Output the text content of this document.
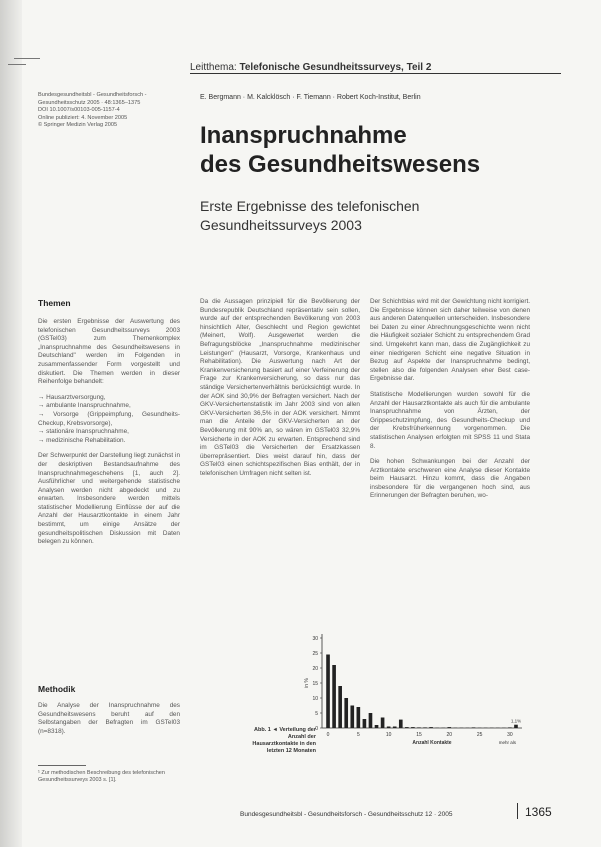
Leitthema: Telefonische Gesundheitssurveys, Teil 2
Bundesgesundheitsbl - Gesundheitsforsch -
Gesundheitsschutz 2005 · 48:1365–1375
DOI 10.1007/s00103-005-1157-4
Online publiziert: 4. November 2005
© Springer Medizin Verlag 2005
E. Bergmann · M. Kalcklösch · F. Tiemann · Robert Koch-Institut, Berlin
Inanspruchnahme
des Gesundheitswesens
Erste Ergebnisse des telefonischen
Gesundheitssurveys 2003
Themen

Die ersten Ergebnisse der Auswertung des telefonischen Gesundheitssurveys 2003 (GSTel03) zum Themenkomplex „Inanspruchnahme des Gesundheitswesens in Deutschland" werden im Folgenden in zusammenfassender Form vorgestellt und diskutiert. Die Themen werden in dieser Reihenfolge behandelt:

→ Hausarztversorgung,
→ ambulante Inanspruchnahme,
→ Vorsorge (Grippeimpfung, Gesundheits-Checkup, Krebsvorsorge),
→ stationäre Inanspruchnahme,
→ medizinische Rehabilitation.

Der Schwerpunkt der Darstellung liegt zunächst in der deskriptiven Bestandsaufnahme des Inanspruchnahmegeschehens [1, auch 2]. Ausführlicher und weitergehende statistische Analysen werden nicht abgedeckt und zu erwarten. Insbesondere werden mittels statistischer Modellierung Einflüsse der auf die Anzahl der Hausarztkontakte in einem Jahr bestimmt, um einige Ansätze der gesundheitspolitischen Diskussion mit Daten belegen zu können.

Methodik

Die Analyse der Inanspruchnahme des Gesundheitswesens beruht auf den Selbstangaben der Befragten im GSTel03 (n=8318).

¹ Zur methodischen Beschreibung des telefonischen Gesundheitssurveys 2003 s. [1].

Da die Aussagen prinzipiell für die Bevölkerung der Bundesrepublik Deutschland repräsentativ sein sollen, wurde auf der entsprechenden Bevölkerung von 2003 hinsichtlich Alter, Geschlecht und Region gewichtet (Meinert, Wolf). Ausgewertet werden die Befragungsblöcke „Inanspruchnahme medizinischer Leistungen" (Hausarzt, Vorsorge, Krankenhaus und Rehabilitation). Die Auswertung nach Art der Krankenversicherung basiert auf einer Verfeinerung der Frage zur Krankenversicherung, so dass nur das ständige Versichertenverhältnis berücksichtigt wurde. In der AOK sind 30,9% der Befragten versichert. Nach der GKV-Versichertenstatistik im Jahr 2003 sind von allen GKV-Versicherten 36,5% in der AOK versichert. Nimmt man die Anteile der GKV-Versicherten an der Bevölkerung mit 90% an, so wären im GSTel03 32,9% Versicherte in der AOK zu erwarten. Entsprechend sind im GSTel03 die Versicherten der Ersatzkassen überrepräsentiert. Dies weist darauf hin, dass der GSTel03 einen schichtspezifischen Bias enthält, der in telefonischen Umfragen nicht selten ist.

Der Schichtbias wird mit der Gewichtung nicht korrigiert. Die Ergebnisse können sich daher teilweise von denen aus anderen Datenquellen unterscheiden. Insbesondere bei Daten zu einer Abrechnungsgeschichte wenn nicht die Häufigkeit sozialer Schicht zu entsprechendem Grad sind. Umgekehrt kann man, dass die Zugänglichkeit zu einer niedrigeren Schicht eine negative Situation in Bezug auf Aspekte der Inanspruchnahme bedingt, stellen also die folgenden Analysen eher Best case-Ergebnisse dar.

Statistische Modellierungen wurden sowohl für die Anzahl der Hausarztkontakte als auch für die ambulante Inanspruchnahme von Ärzten, der Grippeschutzimpfung, des Gesundheits-Checkup und der Krebsfrüherkennung vorgenommen. Die statistischen Analysen erfolgten mit SPSS 11 und Stata 8.

Die hohen Schwankungen bei der Anzahl der Arztkontakte erschweren eine Analyse dieser Kontakte beim Hausarzt. Hinzu kommt, dass die Angaben insbesondere für die vergangenen hoch sind, aus Erinnerungen der Befragten beruhen, wo-

0
5
10
15
20
25
30
in %
0	5	10	15	20	25	30
1,1%
Anzahl Kontakte	mehr als
Abb. 1 ◄ Verteilung der Anzahl der Hausarztkontakte in den letzten 12 Monaten
Bundesgesundheitsbl - Gesundheitsforsch - Gesundheitsschutz 12 · 2005	1365
